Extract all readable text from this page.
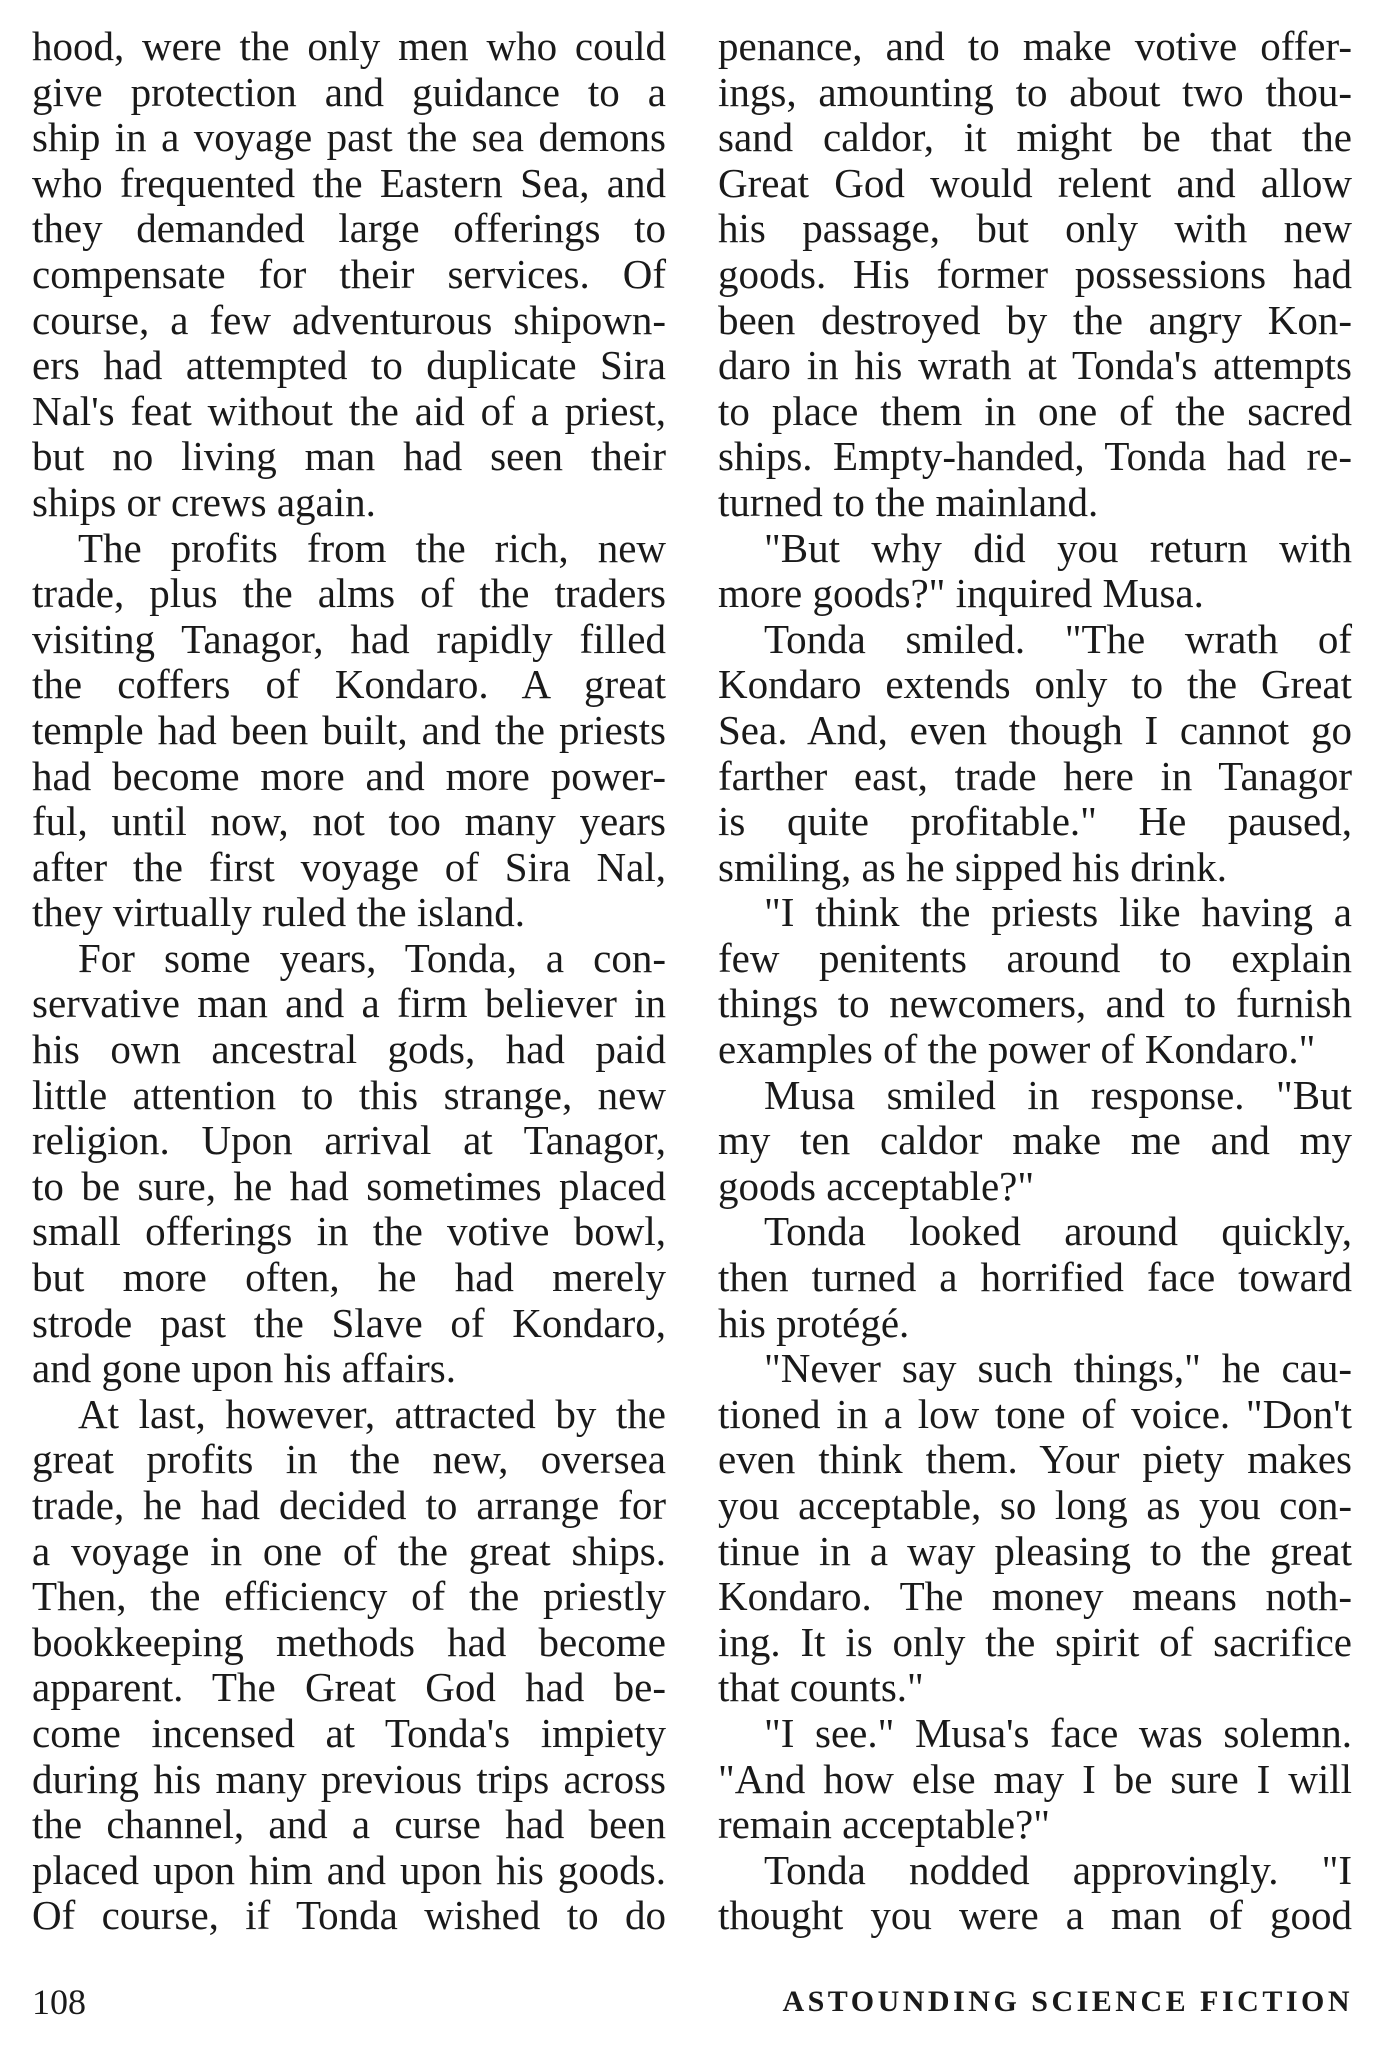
hood, were the only men who could
give protection and guidance to a
ship in a voyage past the sea demons
who frequented the Eastern Sea, and
they demanded large offerings to
compensate for their services. Of
course, a few adventurous shipown-
ers had attempted to duplicate Sira
Nal's feat without the aid of a priest,
but no living man had seen their
ships or crews again.
The profits from the rich, new
trade, plus the alms of the traders
visiting Tanagor, had rapidly filled
the coffers of Kondaro. A great
temple had been built, and the priests
had become more and more power-
ful, until now, not too many years
after the first voyage of Sira Nal,
they virtually ruled the island.
For some years, Tonda, a con-
servative man and a firm believer in
his own ancestral gods, had paid
little attention to this strange, new
religion. Upon arrival at Tanagor,
to be sure, he had sometimes placed
small offerings in the votive bowl,
but more often, he had merely
strode past the Slave of Kondaro,
and gone upon his affairs.
At last, however, attracted by the
great profits in the new, oversea
trade, he had decided to arrange for
a voyage in one of the great ships.
Then, the efficiency of the priestly
bookkeeping methods had become
apparent. The Great God had be-
come incensed at Tonda's impiety
during his many previous trips across
the channel, and a curse had been
placed upon him and upon his goods.
Of course, if Tonda wished to do
penance, and to make votive offer-
ings, amounting to about two thou-
sand caldor, it might be that the
Great God would relent and allow
his passage, but only with new
goods. His former possessions had
been destroyed by the angry Kon-
daro in his wrath at Tonda's attempts
to place them in one of the sacred
ships. Empty-handed, Tonda had re-
turned to the mainland.
"But why did you return with
more goods?" inquired Musa.
Tonda smiled. "The wrath of
Kondaro extends only to the Great
Sea. And, even though I cannot go
farther east, trade here in Tanagor
is quite profitable." He paused,
smiling, as he sipped his drink.
"I think the priests like having a
few penitents around to explain
things to newcomers, and to furnish
examples of the power of Kondaro."
Musa smiled in response. "But
my ten caldor make me and my
goods acceptable?"
Tonda looked around quickly,
then turned a horrified face toward
his protégé.
"Never say such things," he cau-
tioned in a low tone of voice. "Don't
even think them. Your piety makes
you acceptable, so long as you con-
tinue in a way pleasing to the great
Kondaro. The money means noth-
ing. It is only the spirit of sacrifice
that counts."
"I see." Musa's face was solemn.
"And how else may I be sure I will
remain acceptable?"
Tonda nodded approvingly. "I
thought you were a man of good
108	ASTOUNDING SCIENCE FICTION
